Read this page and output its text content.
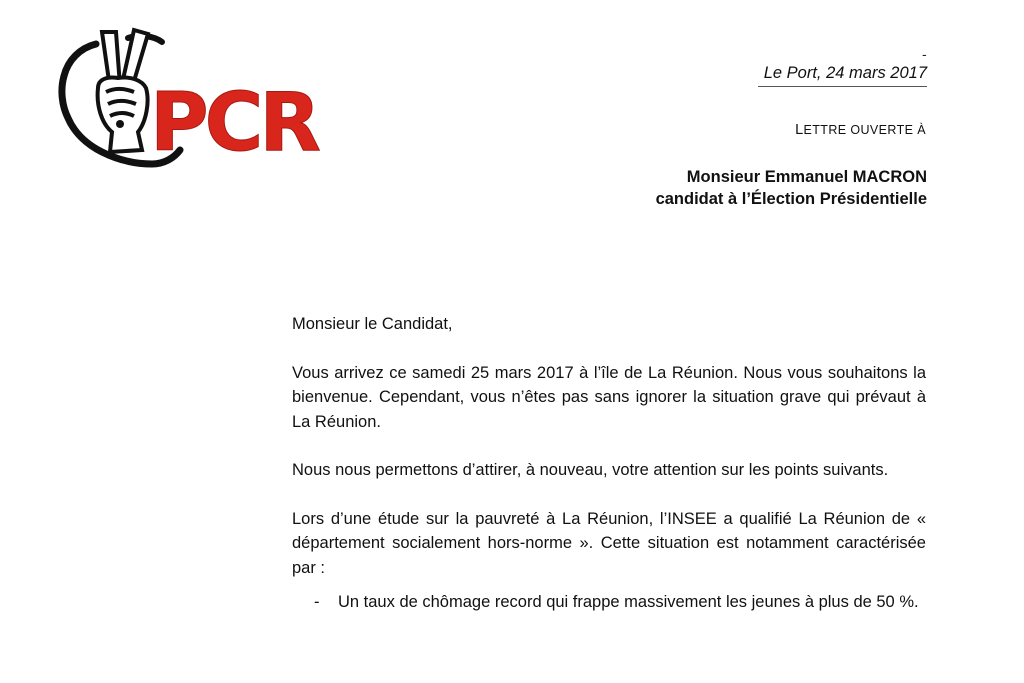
PCR
-
Le Port, 24 mars 2017
LETTRE OUVERTE À
Monsieur Emmanuel MACRON
candidat à l’Élection Présidentielle

Monsieur le Candidat,

Vous arrivez ce samedi 25 mars 2017 à l’île de La Réunion. Nous vous souhaitons la bienvenue. Cependant, vous n’êtes pas sans ignorer la situation grave qui prévaut à La Réunion.

Nous nous permettons d’attirer, à nouveau, votre attention sur les points suivants.

Lors d’une étude sur la pauvreté à La Réunion, l’INSEE a qualifié La Réunion de « département socialement hors-norme ». Cette situation est notamment caractérisée par :

- Un taux de chômage record qui frappe massivement les jeunes à plus de 50 %.
